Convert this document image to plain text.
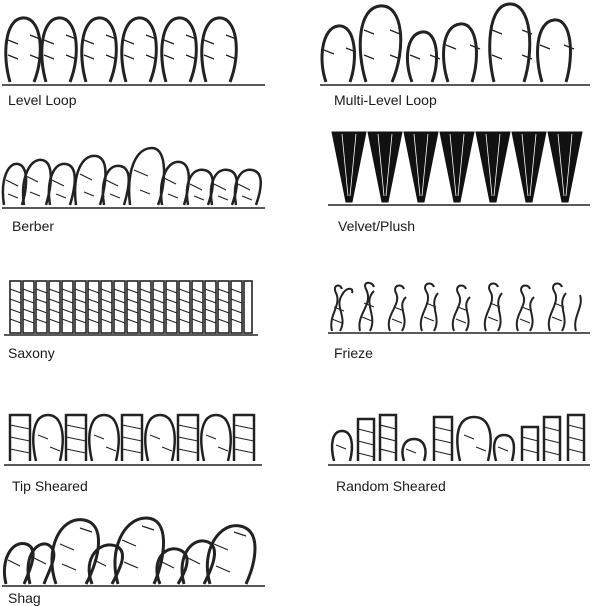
Level Loop	Multi-Level Loop
Berber	Velvet/Plush
Saxony	Frieze
Tip Sheared	Random Sheared
Shag
